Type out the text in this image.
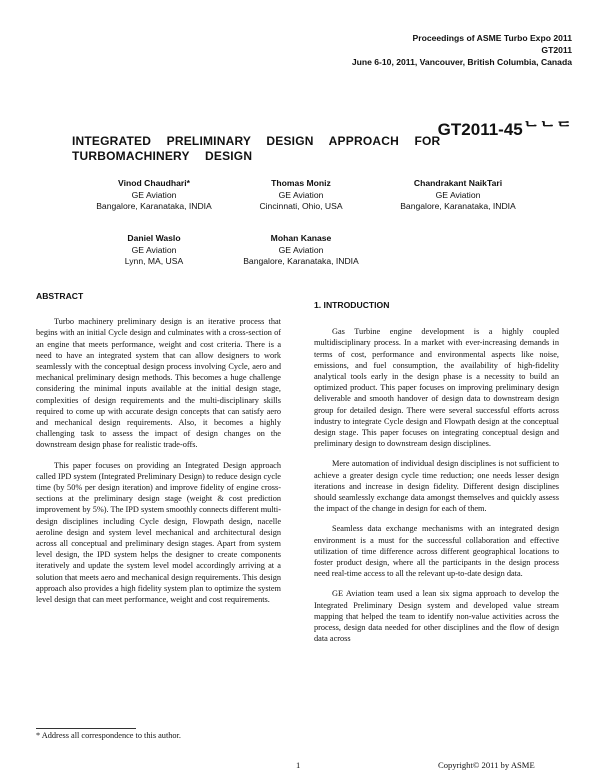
Proceedings of ASME Turbo Expo 2011
GT2011
June 6-10, 2011, Vancouver, British Columbia, Canada
GT2011-45ᄂᄂᄃ
INTEGRATED PRELIMINARY DESIGN APPROACH FOR TURBOMACHINERY DESIGN
Vinod Chaudhari*
GE Aviation
Bangalore, Karanataka, INDIA
Thomas Moniz
GE Aviation
Cincinnati, Ohio, USA
Chandrakant NaikTari
GE Aviation
Bangalore, Karanataka, INDIA
Daniel Waslo
GE Aviation
Lynn, MA, USA
Mohan Kanase
GE Aviation
Bangalore, Karanataka, INDIA
ABSTRACT

Turbo machinery preliminary design is an iterative process that begins with an initial Cycle design and culminates with a cross-section of an engine that meets performance, weight and cost criteria. There is a need to have an integrated system that can allow designers to work seamlessly with the conceptual design process involving Cycle, aero and mechanical preliminary design methods. This becomes a huge challenge considering the minimal inputs available at the initial design stage, complexities of design requirements and the multi-disciplinary skills required to come up with accurate design concepts that can satisfy aero and mechanical design requirements. Also, it becomes a highly challenging task to assess the impact of design changes on the downstream design phase for realistic trade-offs.

This paper focuses on providing an Integrated Design approach called IPD system (Integrated Preliminary Design) to reduce design cycle time (by 50% per design iteration) and improve fidelity of engine cross-sections at the preliminary design stage (weight & cost prediction improvement by 5%). The IPD system smoothly connects different multi-design disciplines including Cycle design, Flowpath design, nacelle aeroline design and system level mechanical and architectural design across all conceptual and preliminary design stages. Apart from system level design, the IPD system helps the designer to create components iteratively and update the system level model accordingly arriving at a solution that meets aero and mechanical design requirements. This design approach also provides a high fidelity system plan to optimize the system level design that can meet performance, weight and cost requirements.

1. INTRODUCTION

Gas Turbine engine development is a highly coupled multidisciplinary process. In a market with ever-increasing demands in terms of cost, performance and environmental aspects like noise, emissions, and fuel consumption, the availability of high-fidelity analytical tools early in the design phase is a necessity to build an optimized product. This paper focuses on improving preliminary design deliverable and smooth handover of design data to downstream design group for detailed design. There were several successful efforts across industry to integrate Cycle design and Flowpath design at the conceptual design stage. This paper focuses on integrating conceptual design and preliminary design to downstream design disciplines.

Mere automation of individual design disciplines is not sufficient to achieve a greater design cycle time reduction; one needs lesser design iterations and increase in design fidelity. Different design disciplines should seamlessly exchange data amongst themselves and quickly assess the impact of the change in design for each of them.

Seamless data exchange mechanisms with an integrated design environment is a must for the successful collaboration and effective utilization of time difference across different geographical locations to foster product design, where all the participants in the design process need real-time access to all the relevant up-to-date design data.

GE Aviation team used a lean six sigma approach to develop the Integrated Preliminary Design system and developed value stream mapping that helped the team to identify non-value activities across the process, design data needed for other disciplines and the flow of design data across

* Address all correspondence to this author.
1	Copyright© 2011 by ASME
